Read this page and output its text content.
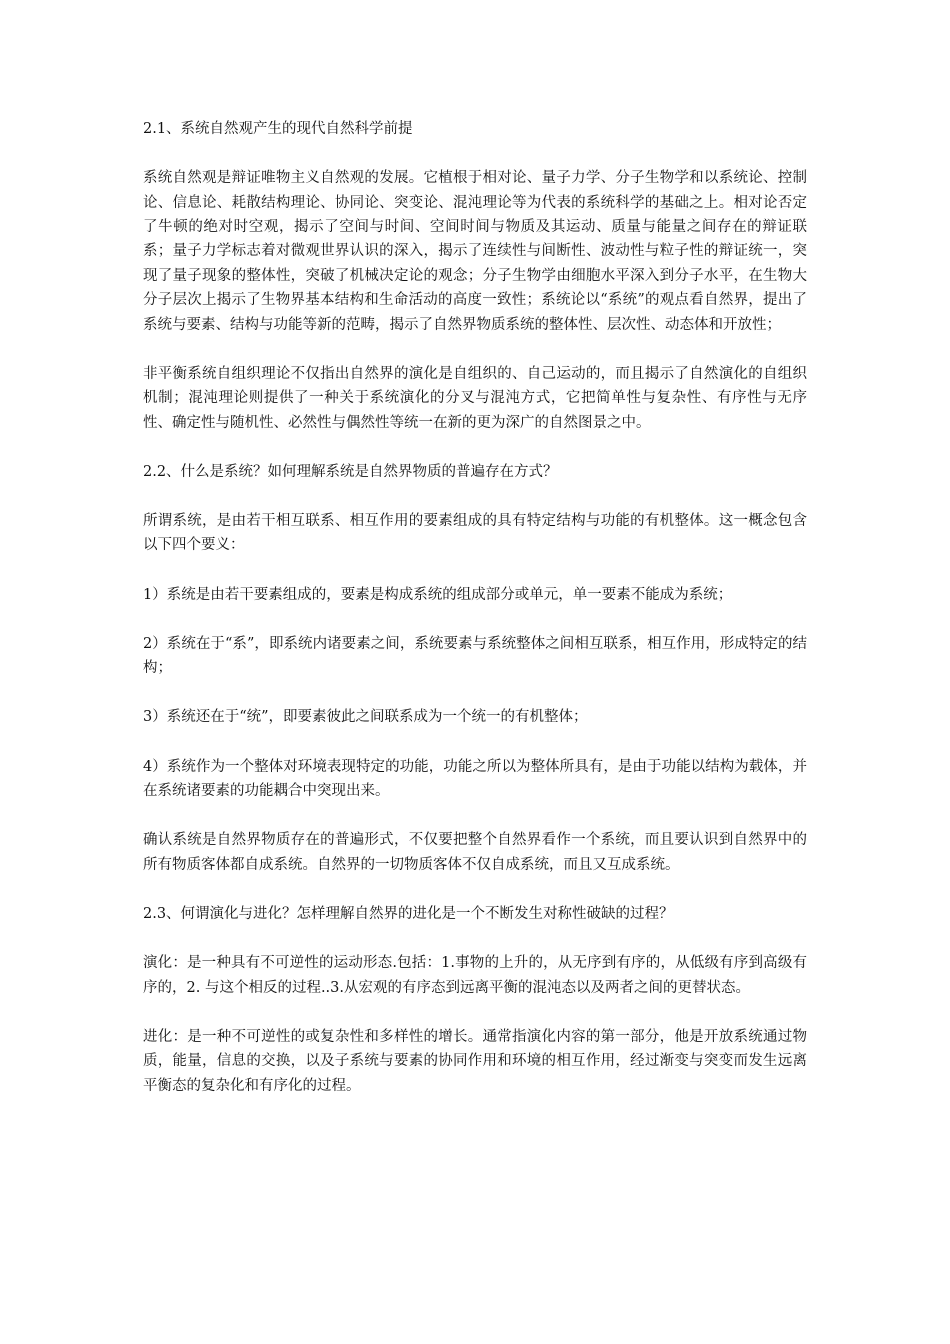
2.1、系统自然观产生的现代自然科学前提

系统自然观是辩证唯物主义自然观的发展。它植根于相对论、量子力学、分子生物学和以系统论、控制论、信息论、耗散结构理论、协同论、突变论、混沌理论等为代表的系统科学的基础之上。相对论否定了牛顿的绝对时空观，揭示了空间与时间、空间时间与物质及其运动、质量与能量之间存在的辩证联系；量子力学标志着对微观世界认识的深入，揭示了连续性与间断性、波动性与粒子性的辩证统一，突现了量子现象的整体性，突破了机械决定论的观念；分子生物学由细胞水平深入到分子水平，在生物大分子层次上揭示了生物界基本结构和生命活动的高度一致性；系统论以“系统”的观点看自然界，提出了系统与要素、结构与功能等新的范畴，揭示了自然界物质系统的整体性、层次性、动态体和开放性；

非平衡系统自组织理论不仅指出自然界的演化是自组织的、自己运动的，而且揭示了自然演化的自组织机制；混沌理论则提供了一种关于系统演化的分叉与混沌方式，它把简单性与复杂性、有序性与无序性、确定性与随机性、必然性与偶然性等统一在新的更为深广的自然图景之中。

2.2、什么是系统？如何理解系统是自然界物质的普遍存在方式？

所谓系统，是由若干相互联系、相互作用的要素组成的具有特定结构与功能的有机整体。这一概念包含以下四个要义：

1）系统是由若干要素组成的，要素是构成系统的组成部分或单元，单一要素不能成为系统；

2）系统在于“系”，即系统内诸要素之间，系统要素与系统整体之间相互联系，相互作用，形成特定的结构；

3）系统还在于“统”，即要素彼此之间联系成为一个统一的有机整体；

4）系统作为一个整体对环境表现特定的功能，功能之所以为整体所具有，是由于功能以结构为载体，并在系统诸要素的功能耦合中突现出来。

确认系统是自然界物质存在的普遍形式，不仅要把整个自然界看作一个系统，而且要认识到自然界中的所有物质客体都自成系统。自然界的一切物质客体不仅自成系统，而且又互成系统。

2.3、何谓演化与进化？怎样理解自然界的进化是一个不断发生对称性破缺的过程？

演化：是一种具有不可逆性的运动形态.包括：1.事物的上升的，从无序到有序的，从低级有序到高级有序的，2. 与这个相反的过程..3.从宏观的有序态到远离平衡的混沌态以及两者之间的更替状态。

进化：是一种不可逆性的或复杂性和多样性的增长。通常指演化内容的第一部分，他是开放系统通过物质，能量，信息的交换，以及子系统与要素的协同作用和环境的相互作用，经过渐变与突变而发生远离平衡态的复杂化和有序化的过程。
